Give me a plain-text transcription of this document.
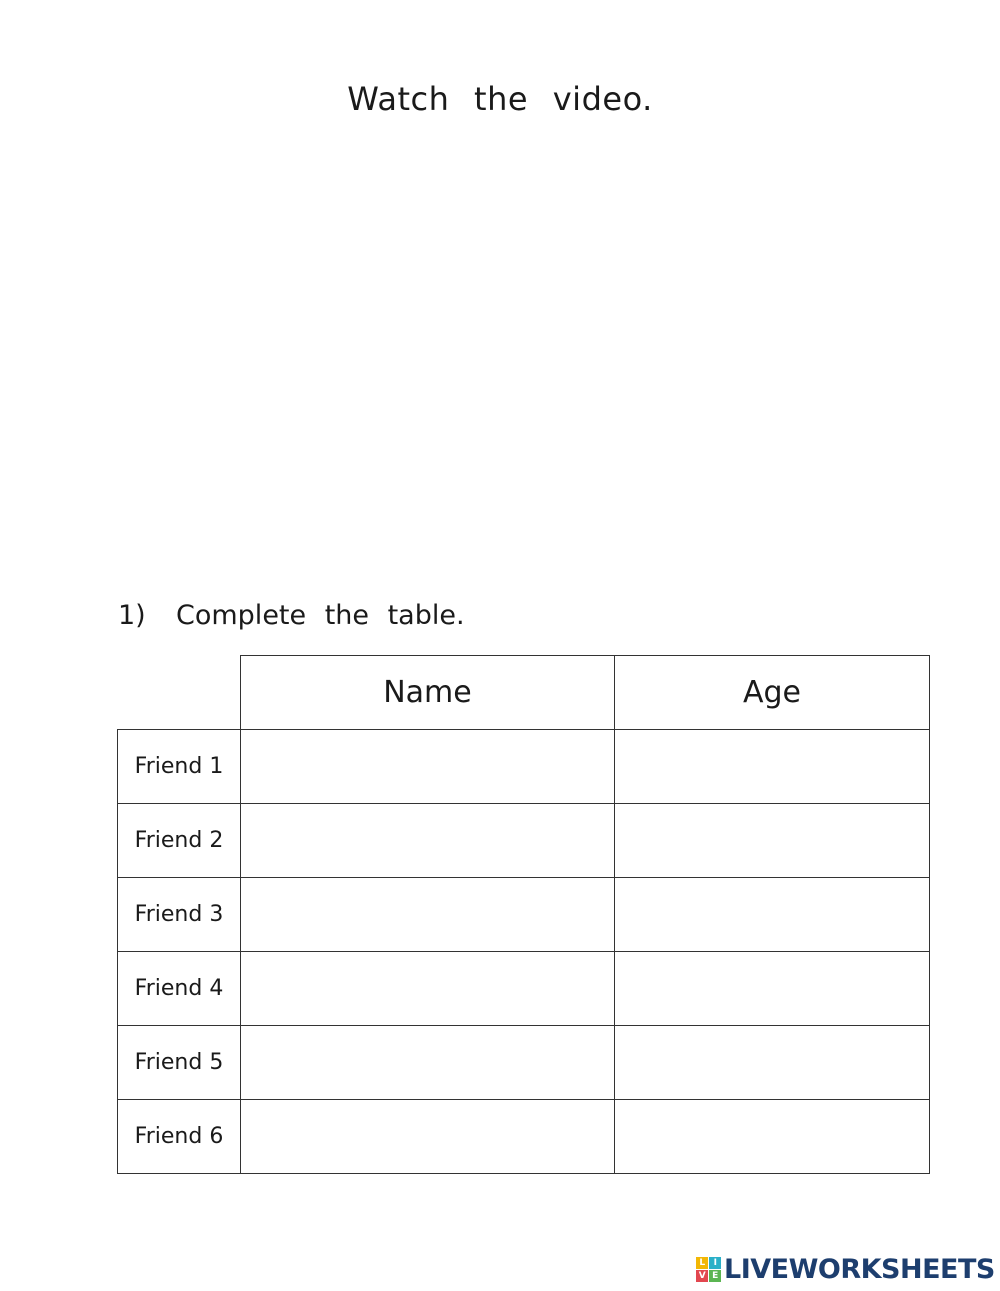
Watch the video.
1) Complete the table.
	Name	Age
Friend 1	

Friend 2	

Friend 3	

Friend 4	

Friend 5	

Friend 6	

L I
V E LIVEWORKSHEETS
